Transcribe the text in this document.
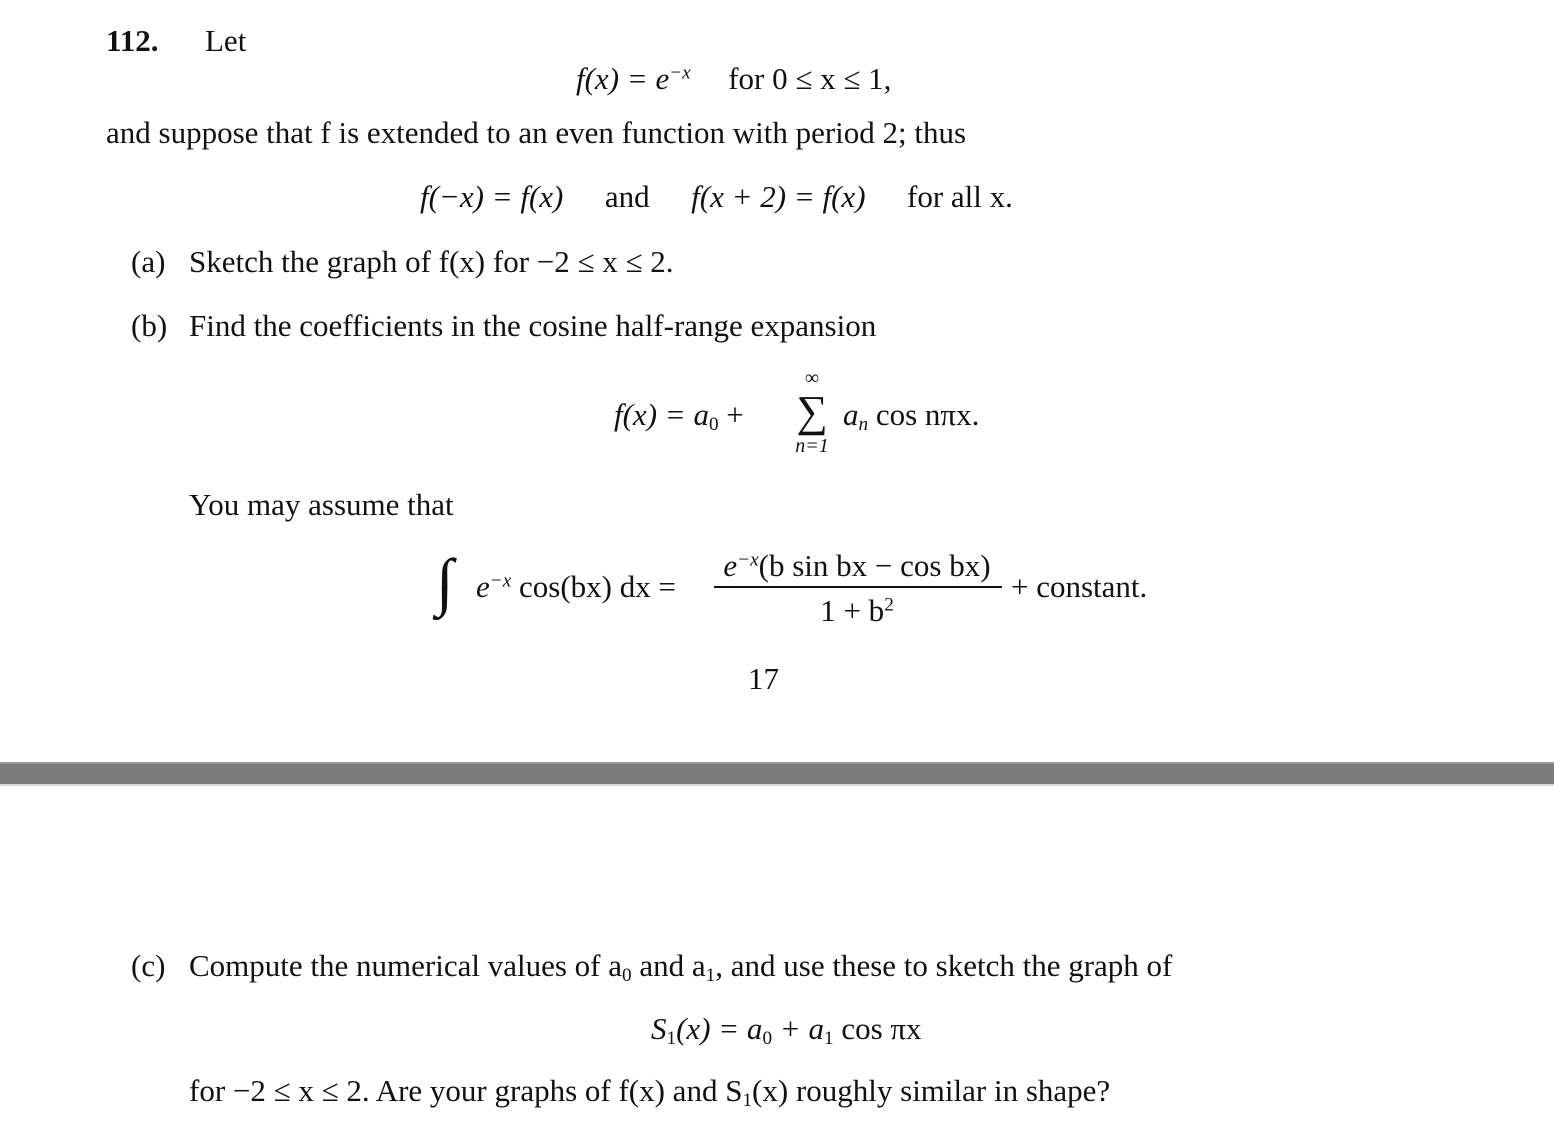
112. Let
$f(x) = e^{-x}$ for 0 ≤ x ≤ 1,
and suppose that f is extended to an even function with period 2; thus
f(−x) = f(x) and f(x + 2) = f(x) for all x.
(a) Sketch the graph of f(x) for −2 ≤ x ≤ 2.
(b) Find the coefficients in the cosine half-range expansion
$f(x) = a_0$ +
∞
∑
n=1
$a_n$ cos nπx.
You may assume that
∫ $e^{-x}$ cos(bx) dx =
$e^{-x}(b$ sin bx − cos bx)
$1 + b^2$
+ constant.
17
(c) Compute the numerical values of $a_0$ and $a_1$, and use these to sketch the graph of
$S_1(x) = a_0 + a_1$ cos πx
for −2 ≤ x ≤ 2. Are your graphs of f(x) and $S_1(x)$ roughly similar in shape?
